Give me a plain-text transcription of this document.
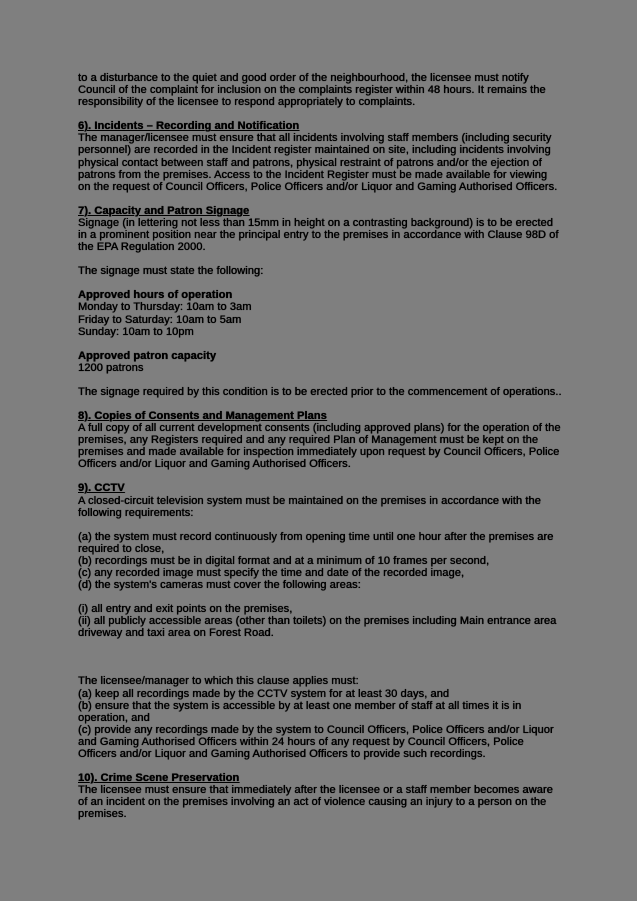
to a disturbance to the quiet and good order of the neighbourhood, the licensee must notify Council of the complaint for inclusion on the complaints register within 48 hours. It remains the responsibility of the licensee to respond appropriately to complaints.
6). Incidents – Recording and Notification
The manager/licensee must ensure that all incidents involving staff members (including security personnel) are recorded in the Incident register maintained on site, including incidents involving physical contact between staff and patrons, physical restraint of patrons and/or the ejection of patrons from the premises. Access to the Incident Register must be made available for viewing on the request of Council Officers, Police Officers and/or Liquor and Gaming Authorised Officers.
7). Capacity and Patron Signage
Signage (in lettering not less than 15mm in height on a contrasting background) is to be erected in a prominent position near the principal entry to the premises in accordance with Clause 98D of the EPA Regulation 2000.
The signage must state the following:
Approved hours of operation
Monday to Thursday: 10am to 3am
Friday to Saturday: 10am to 5am
Sunday: 10am to 10pm
Approved patron capacity
1200 patrons
The signage required by this condition is to be erected prior to the commencement of operations..
8). Copies of Consents and Management Plans
A full copy of all current development consents (including approved plans) for the operation of the premises, any Registers required and any required Plan of Management must be kept on the premises and made available for inspection immediately upon request by Council Officers, Police Officers and/or Liquor and Gaming Authorised Officers.
9). CCTV
A closed-circuit television system must be maintained on the premises in accordance with the following requirements:
(a) the system must record continuously from opening time until one hour after the premises are required to close,
(b) recordings must be in digital format and at a minimum of 10 frames per second,
(c) any recorded image must specify the time and date of the recorded image,
(d) the system's cameras must cover the following areas:
(i) all entry and exit points on the premises,
(ii) all publicly accessible areas (other than toilets) on the premises including Main entrance area driveway and taxi area on Forest Road.
The licensee/manager to which this clause applies must:
(a) keep all recordings made by the CCTV system for at least 30 days, and
(b) ensure that the system is accessible by at least one member of staff at all times it is in operation, and
(c) provide any recordings made by the system to Council Officers, Police Officers and/or Liquor and Gaming Authorised Officers within 24 hours of any request by Council Officers, Police Officers and/or Liquor and Gaming Authorised Officers to provide such recordings.
10). Crime Scene Preservation
The licensee must ensure that immediately after the licensee or a staff member becomes aware of an incident on the premises involving an act of violence causing an injury to a person on the premises.
